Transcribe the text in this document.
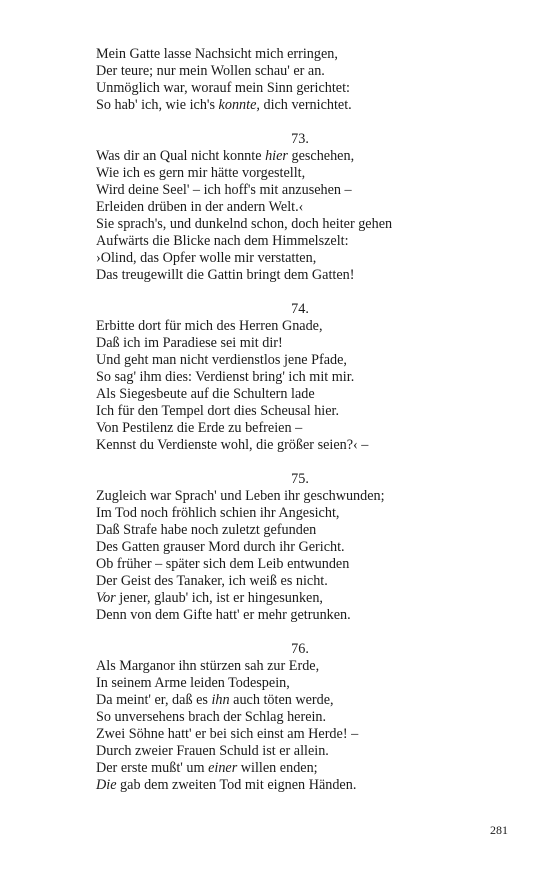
Mein Gatte lasse Nachsicht mich erringen,
Der teure; nur mein Wollen schau' er an.
Unmöglich war, worauf mein Sinn gerichtet:
So hab' ich, wie ich's konnte, dich vernichtet.
73.
Was dir an Qual nicht konnte hier geschehen,
Wie ich es gern mir hätte vorgestellt,
Wird deine Seel' – ich hoff's mit anzusehen –
Erleiden drüben in der andern Welt.‹
Sie sprach's, und dunkelnd schon, doch heiter gehen
Aufwärts die Blicke nach dem Himmelszelt:
›Olind, das Opfer wolle mir verstatten,
Das treugewillt die Gattin bringt dem Gatten!
74.
Erbitte dort für mich des Herren Gnade,
Daß ich im Paradiese sei mit dir!
Und geht man nicht verdienstlos jene Pfade,
So sag' ihm dies: Verdienst bring' ich mit mir.
Als Siegesbeute auf die Schultern lade
Ich für den Tempel dort dies Scheusal hier.
Von Pestilenz die Erde zu befreien –
Kennst du Verdienste wohl, die größer seien?‹ –
75.
Zugleich war Sprach' und Leben ihr geschwunden;
Im Tod noch fröhlich schien ihr Angesicht,
Daß Strafe habe noch zuletzt gefunden
Des Gatten grauser Mord durch ihr Gericht.
Ob früher – später sich dem Leib entwunden
Der Geist des Tanaker, ich weiß es nicht.
Vor jener, glaub' ich, ist er hingesunken,
Denn von dem Gifte hatt' er mehr getrunken.
76.
Als Marganor ihn stürzen sah zur Erde,
In seinem Arme leiden Todespein,
Da meint' er, daß es ihn auch töten werde,
So unversehens brach der Schlag herein.
Zwei Söhne hatt' er bei sich einst am Herde! –
Durch zweier Frauen Schuld ist er allein.
Der erste mußt' um einer willen enden;
Die gab dem zweiten Tod mit eignen Händen.
281
